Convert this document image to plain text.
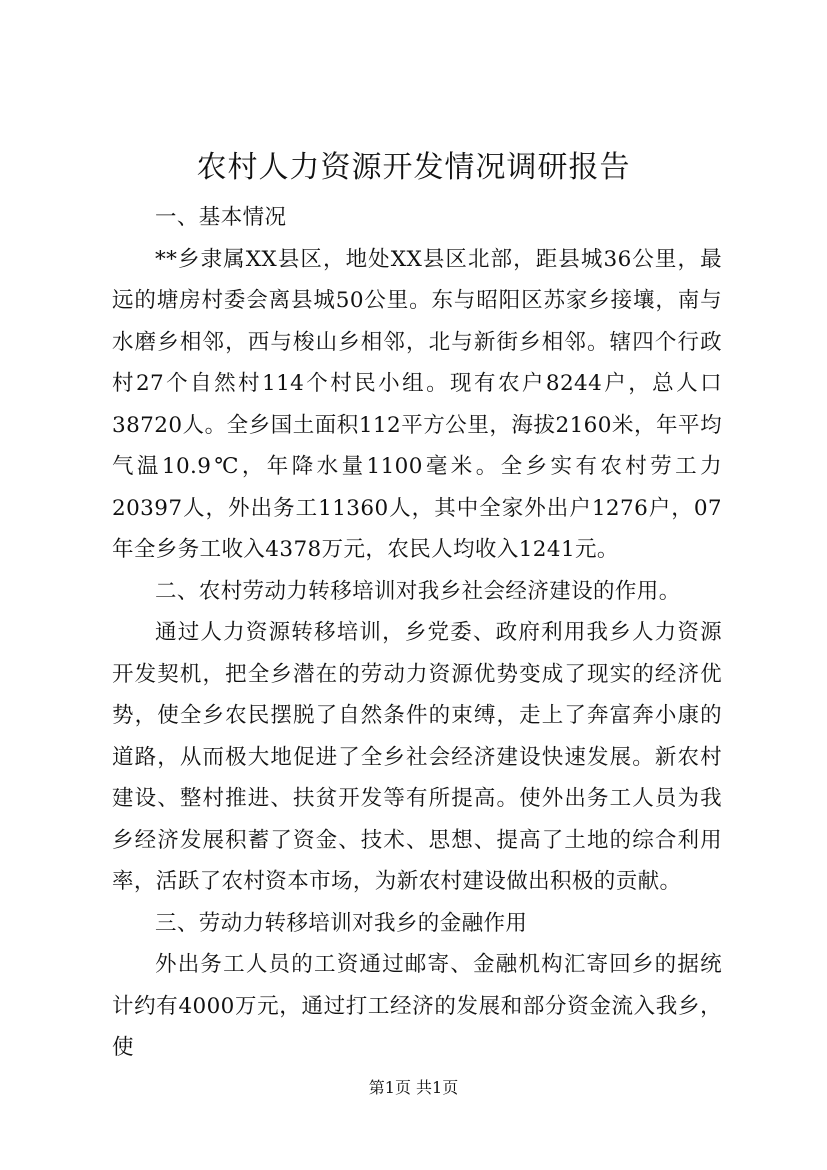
农村人力资源开发情况调研报告

一、基本情况

**乡隶属XX县区，地处XX县区北部，距县城36公里，最远的塘房村委会离县城50公里。东与昭阳区苏家乡接壤，南与水磨乡相邻，西与梭山乡相邻，北与新街乡相邻。辖四个行政村27个自然村114个村民小组。现有农户8244户，总人口38720人。全乡国土面积112平方公里，海拔2160米，年平均气温10.9℃，年降水量1100毫米。全乡实有农村劳工力20397人，外出务工11360人，其中全家外出户1276户，07年全乡务工收入4378万元，农民人均收入1241元。

二、农村劳动力转移培训对我乡社会经济建设的作用。

通过人力资源转移培训，乡党委、政府利用我乡人力资源开发契机，把全乡潜在的劳动力资源优势变成了现实的经济优势，使全乡农民摆脱了自然条件的束缚，走上了奔富奔小康的道路，从而极大地促进了全乡社会经济建设快速发展。新农村建设、整村推进、扶贫开发等有所提高。使外出务工人员为我乡经济发展积蓄了资金、技术、思想、提高了土地的综合利用率，活跃了农村资本市场，为新农村建设做出积极的贡献。

三、劳动力转移培训对我乡的金融作用

外出务工人员的工资通过邮寄、金融机构汇寄回乡的据统计约有4000万元，通过打工经济的发展和部分资金流入我乡，使

第1页 共1页
